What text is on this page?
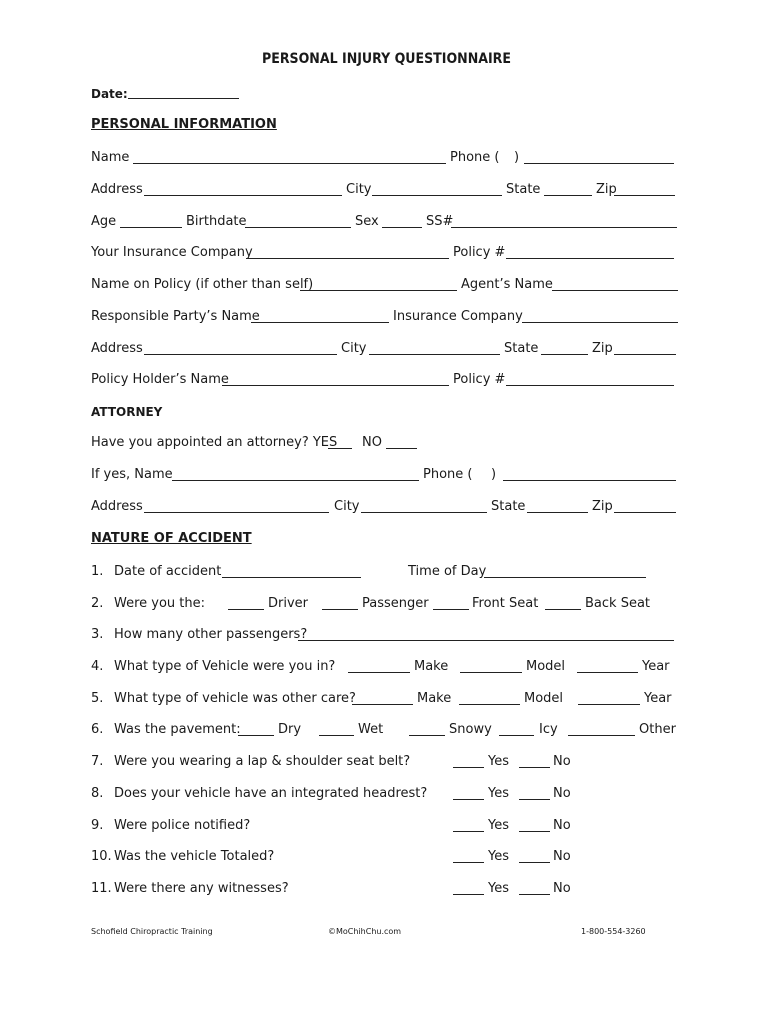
PERSONAL INJURY QUESTIONNAIRE
Date:
PERSONAL INFORMATION
Name	Phone ( )
Address	City	State	Zip
Age	Birthdate	Sex	SS#
Your Insurance Company	Policy #
Name on Policy (if other than self)	Agent’s Name
Responsible Party’s Name	Insurance Company
Address	City	State	Zip
Policy Holder’s Name	Policy #
ATTORNEY
Have you appointed an attorney? YES NO
If yes, Name	Phone ( )
Address	City	State	Zip
NATURE OF ACCIDENT
1. Date of accident	Time of Day
2. Were you the:	Driver	Passenger	Front Seat	Back Seat
3. How many other passengers?
4. What type of Vehicle were you in?	Make	Model	Year
5. What type of vehicle was other care?	Make	Model	Year
6. Was the pavement:	Dry	Wet	Snowy	Icy	Other
7. Were you wearing a lap & shoulder seat belt?	Yes	No
8. Does your vehicle have an integrated headrest?	Yes	No
9. Were police notified?	Yes	No
10. Was the vehicle Totaled?	Yes	No
11. Were there any witnesses?	Yes	No
Schofield Chiropractic Training	©MoChihChu.com	1-800-554-3260
